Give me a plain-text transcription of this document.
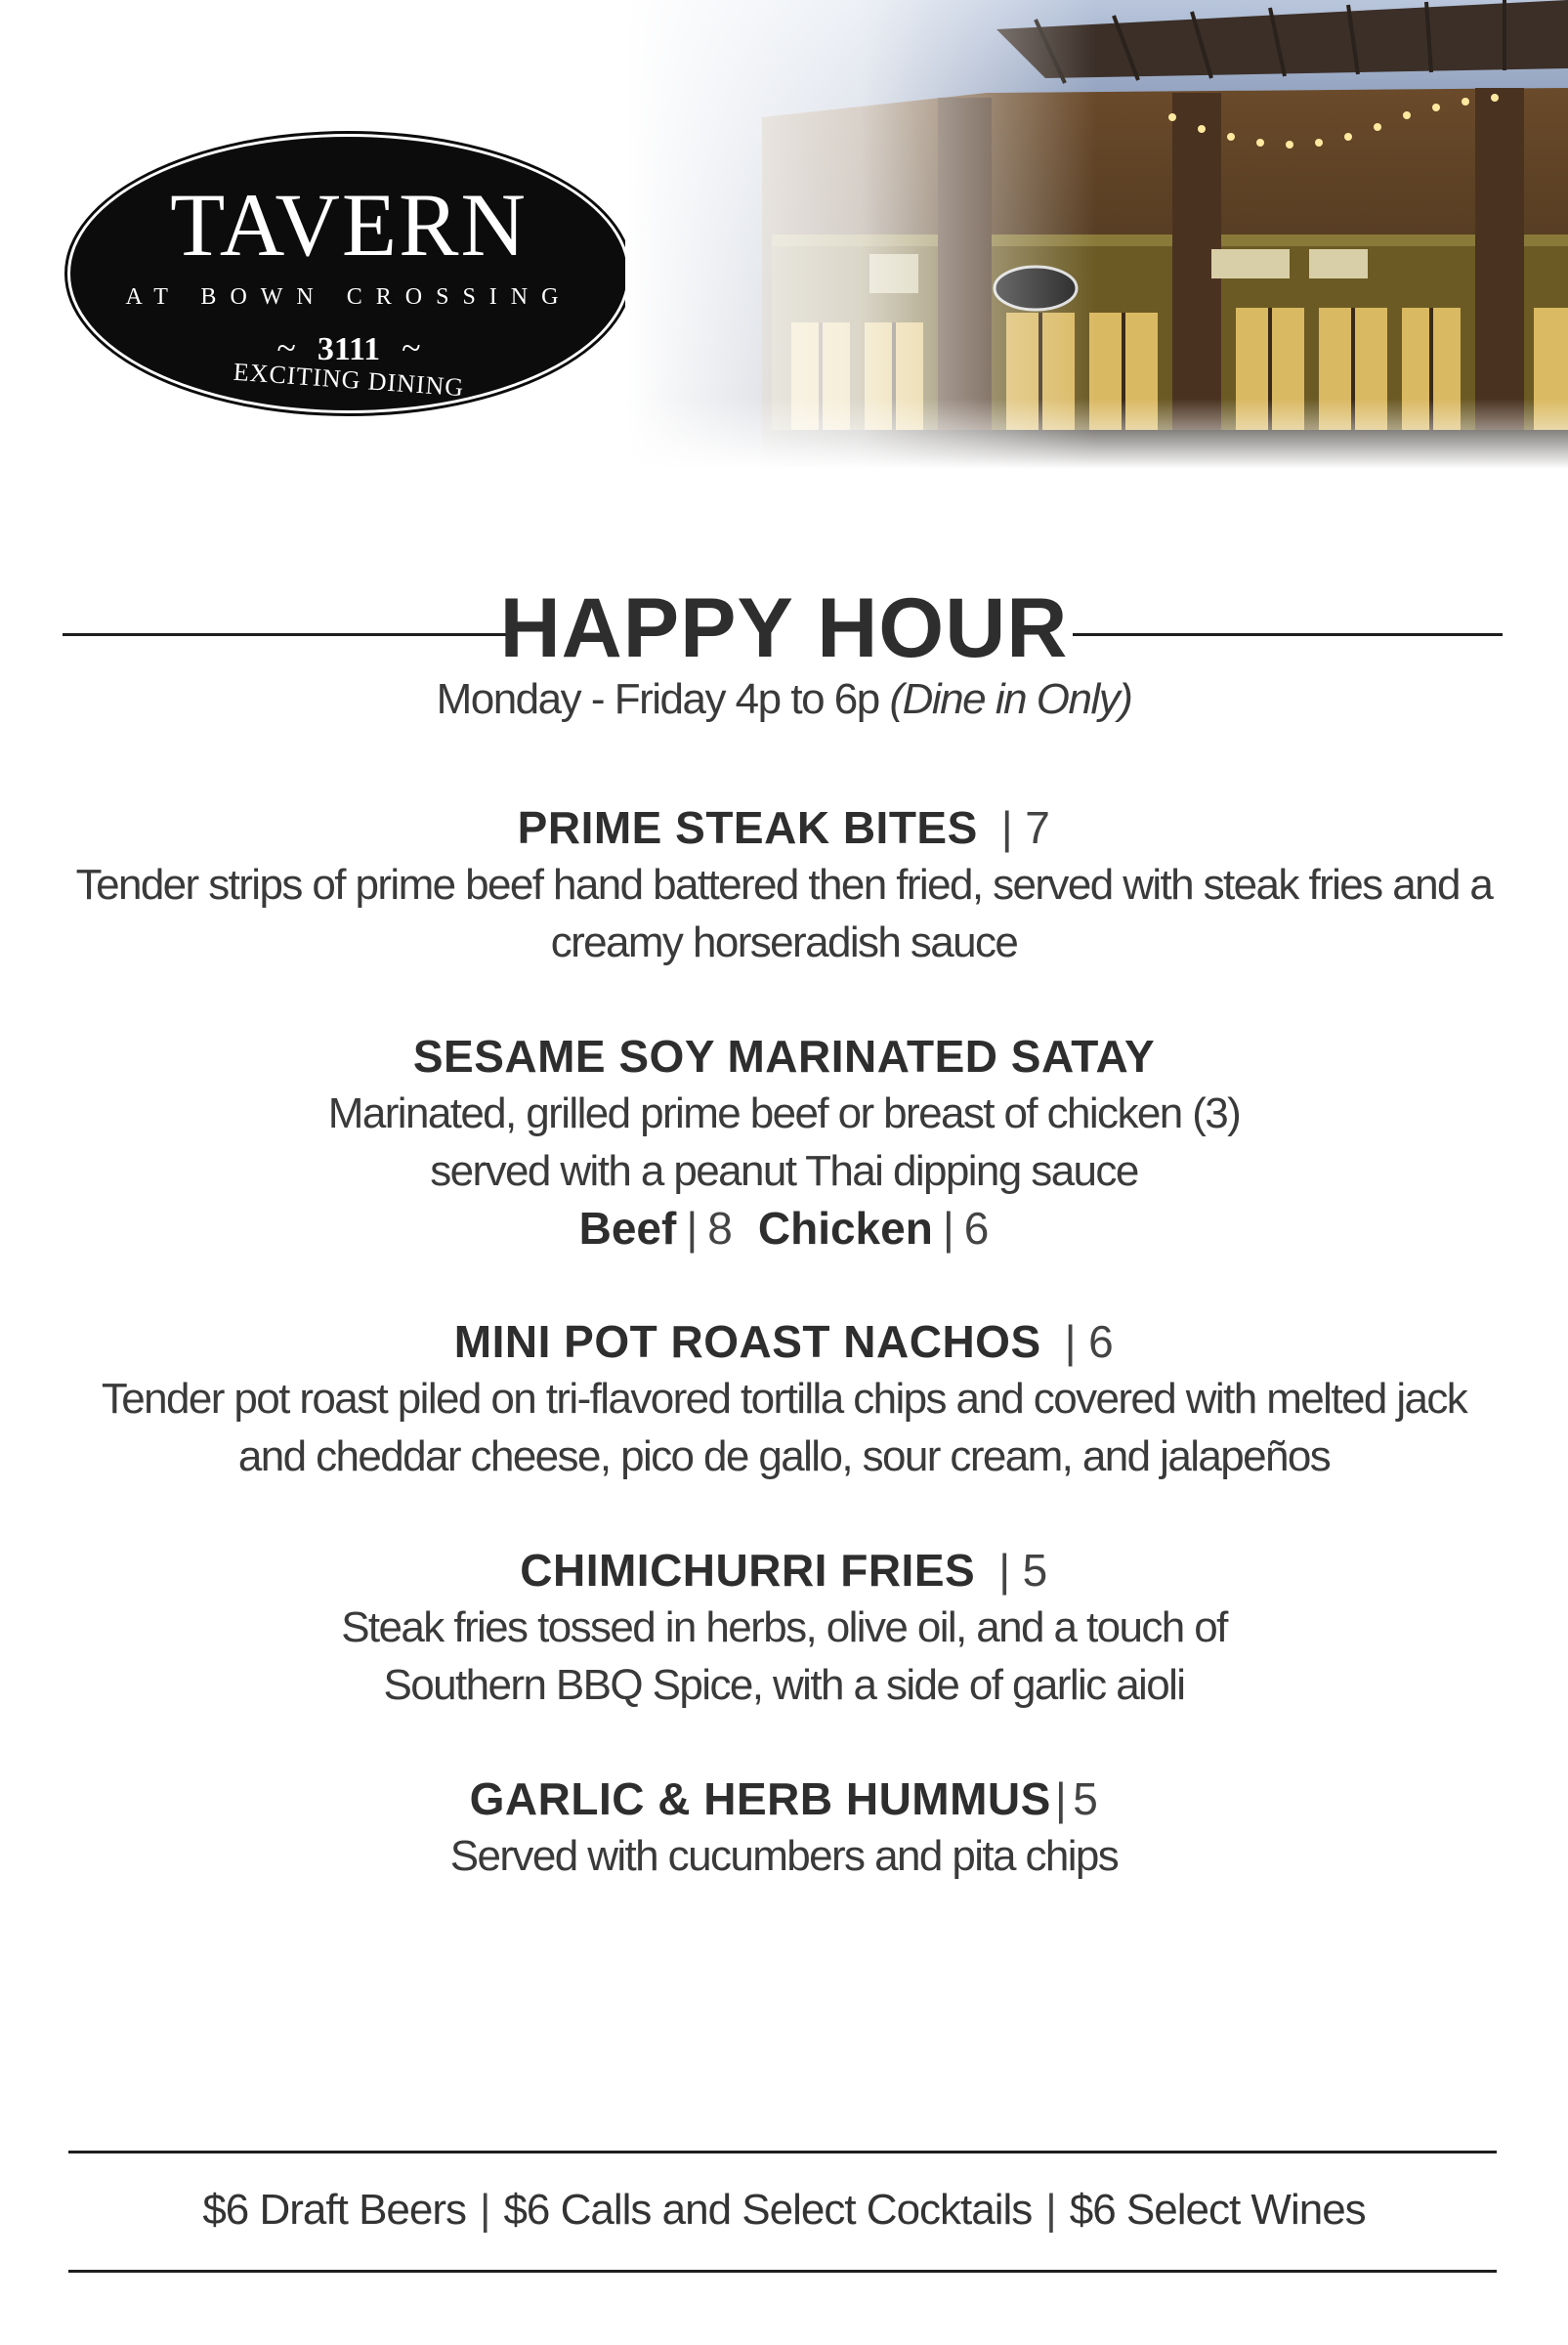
TAVERN
AT BOWN CROSSING
~ 3111 ~
EXCITING DINING
HAPPY HOUR
Monday - Friday 4p to 6p (Dine in Only)
PRIME STEAK BITES | 7
Tender strips of prime beef hand battered then fried, served with steak fries and a
creamy horseradish sauce
SESAME SOY MARINATED SATAY
Marinated, grilled prime beef or breast of chicken (3)
served with a peanut Thai dipping sauce
Beef | 8 Chicken | 6
MINI POT ROAST NACHOS | 6
Tender pot roast piled on tri-flavored tortilla chips and covered with melted jack
and cheddar cheese, pico de gallo, sour cream, and jalapeños
CHIMICHURRI FRIES | 5
Steak fries tossed in herbs, olive oil, and a touch of
Southern BBQ Spice, with a side of garlic aioli
GARLIC & HERB HUMMUS| 5
Served with cucumbers and pita chips
$6 Draft Beers | $6 Calls and Select Cocktails | $6 Select Wines
